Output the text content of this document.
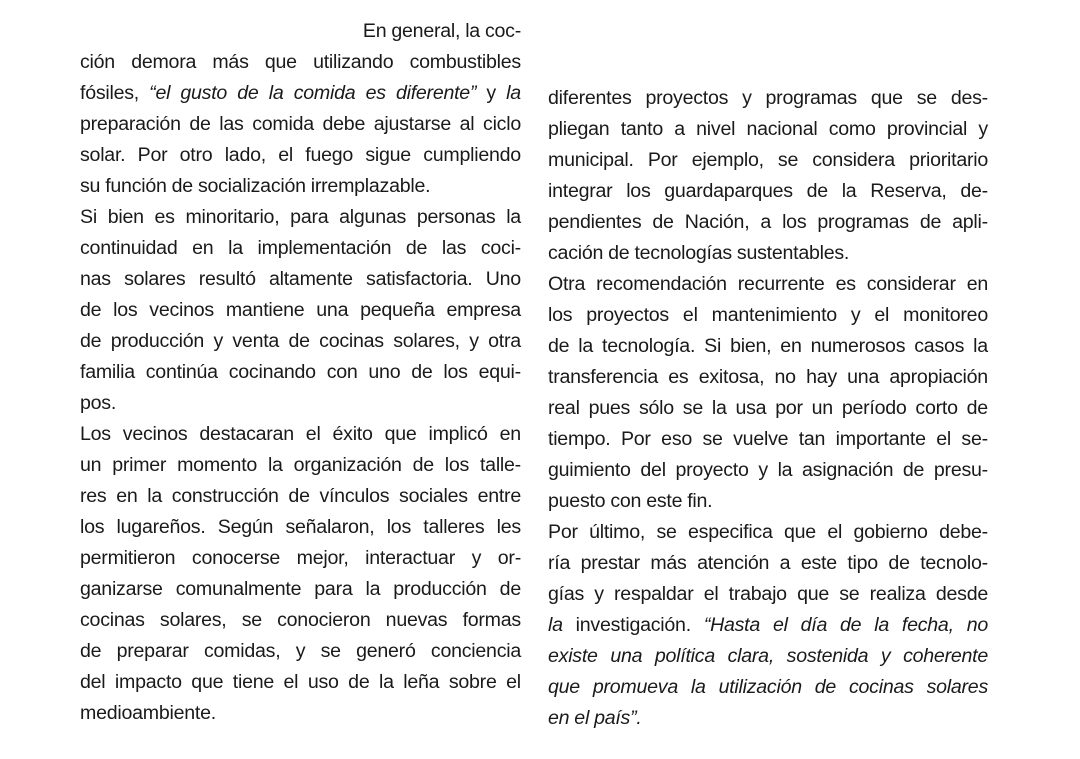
En general, la coc-
ción demora más que utilizando combustibles
fósiles, “el gusto de la comida es diferente” y la
preparación de las comida debe ajustarse al ciclo
solar. Por otro lado, el fuego sigue cumpliendo
su función de socialización irremplazable.
Si bien es minoritario, para algunas personas la
continuidad en la implementación de las coci-
nas solares resultó altamente satisfactoria. Uno
de los vecinos mantiene una pequeña empresa
de producción y venta de cocinas solares, y otra
familia continúa cocinando con uno de los equi-
pos.
Los vecinos destacaran el éxito que implicó en
un primer momento la organización de los talle-
res en la construcción de vínculos sociales entre
los lugareños. Según señalaron, los talleres les
permitieron conocerse mejor, interactuar y or-
ganizarse comunalmente para la producción de
cocinas solares, se conocieron nuevas formas
de preparar comidas, y se generó conciencia
del impacto que tiene el uso de la leña sobre el
medioambiente.
diferentes proyectos y programas que se des-
pliegan tanto a nivel nacional como provincial y
municipal. Por ejemplo, se considera prioritario
integrar los guardaparques de la Reserva, de-
pendientes de Nación, a los programas de apli-
cación de tecnologías sustentables.
Otra recomendación recurrente es considerar en
los proyectos el mantenimiento y el monitoreo
de la tecnología. Si bien, en numerosos casos la
transferencia es exitosa, no hay una apropiación
real pues sólo se la usa por un período corto de
tiempo. Por eso se vuelve tan importante el se-
guimiento del proyecto y la asignación de presu-
puesto con este fin.
Por último, se especifica que el gobierno debe-
ría prestar más atención a este tipo de tecnolo-
gías y respaldar el trabajo que se realiza desde
la investigación. “Hasta el día de la fecha, no
existe una política clara, sostenida y coherente
que promueva la utilización de cocinas solares
en el país”.
